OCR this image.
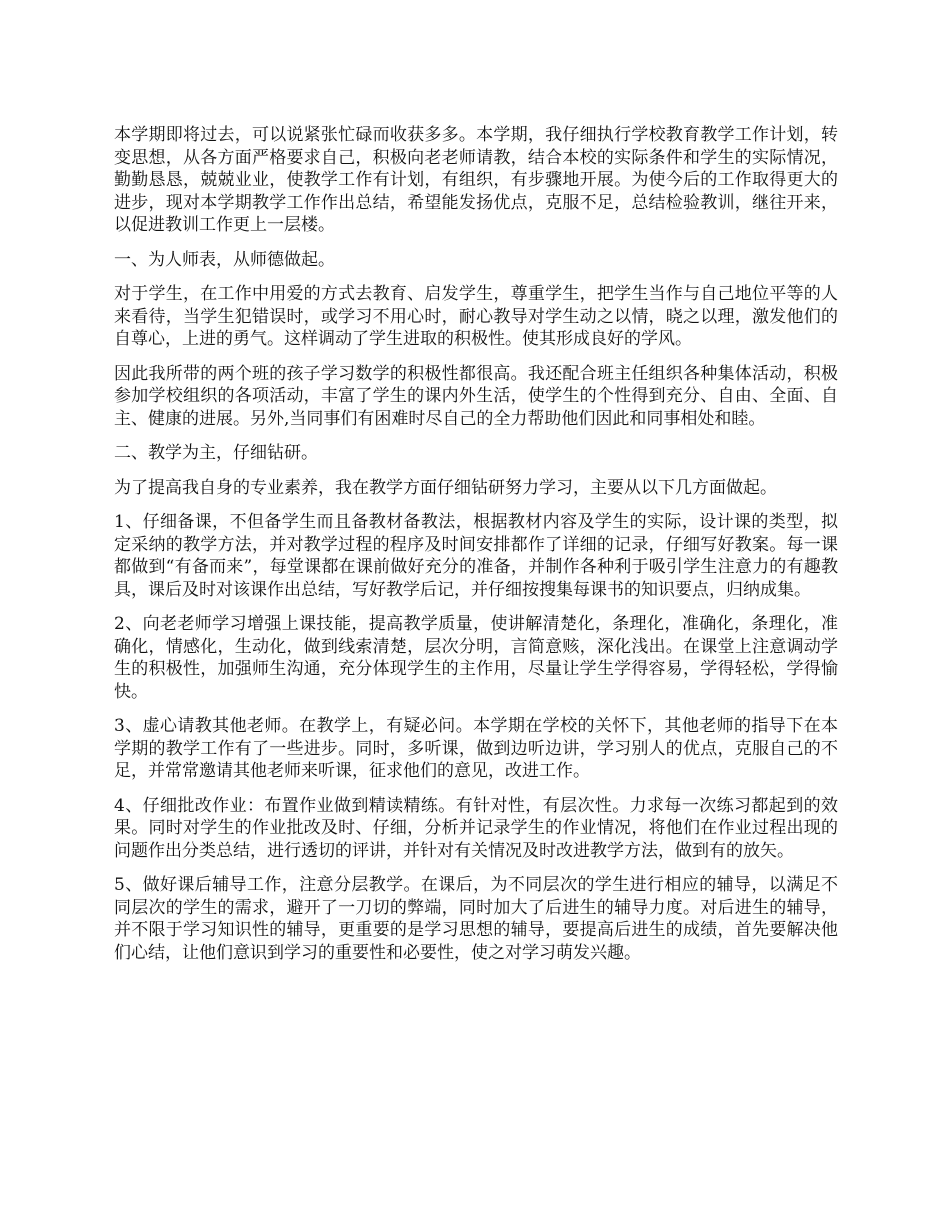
本学期即将过去，可以说紧张忙碌而收获多多。本学期，我仔细执行学校教育教学工作计划，转变思想，从各方面严格要求自己，积极向老老师请教，结合本校的实际条件和学生的实际情况，勤勤恳恳，兢兢业业，使教学工作有计划，有组织，有步骤地开展。为使今后的工作取得更大的进步，现对本学期教学工作作出总结，希望能发扬优点，克服不足，总结检验教训，继往开来，以促进教训工作更上一层楼。

一、为人师表，从师德做起。

对于学生，在工作中用爱的方式去教育、启发学生，尊重学生，把学生当作与自己地位平等的人来看待，当学生犯错误时，或学习不用心时，耐心教导对学生动之以情，晓之以理，激发他们的自尊心，上进的勇气。这样调动了学生进取的积极性。使其形成良好的学风。

因此我所带的两个班的孩子学习数学的积极性都很高。我还配合班主任组织各种集体活动，积极参加学校组织的各项活动，丰富了学生的课内外生活，使学生的个性得到充分、自由、全面、自主、健康的进展。另外,当同事们有困难时尽自己的全力帮助他们因此和同事相处和睦。

二、教学为主，仔细钻研。

为了提高我自身的专业素养，我在教学方面仔细钻研努力学习，主要从以下几方面做起。

1、仔细备课，不但备学生而且备教材备教法，根据教材内容及学生的实际，设计课的类型，拟定采纳的教学方法，并对教学过程的程序及时间安排都作了详细的记录，仔细写好教案。每一课都做到“有备而来”，每堂课都在课前做好充分的准备，并制作各种利于吸引学生注意力的有趣教具，课后及时对该课作出总结，写好教学后记，并仔细按搜集每课书的知识要点，归纳成集。

2、向老老师学习增强上课技能，提高教学质量，使讲解清楚化，条理化，准确化，条理化，准确化，情感化，生动化，做到线索清楚，层次分明，言简意赅，深化浅出。在课堂上注意调动学生的积极性，加强师生沟通，充分体现学生的主作用，尽量让学生学得容易，学得轻松，学得愉快。

3、虚心请教其他老师。在教学上，有疑必问。本学期在学校的关怀下，其他老师的指导下在本学期的教学工作有了一些进步。同时，多听课，做到边听边讲，学习别人的优点，克服自己的不足，并常常邀请其他老师来听课，征求他们的意见，改进工作。

4、仔细批改作业：布置作业做到精读精练。有针对性，有层次性。力求每一次练习都起到的效果。同时对学生的作业批改及时、仔细，分析并记录学生的作业情况，将他们在作业过程出现的问题作出分类总结，进行透切的评讲，并针对有关情况及时改进教学方法，做到有的放矢。

5、做好课后辅导工作，注意分层教学。在课后，为不同层次的学生进行相应的辅导，以满足不同层次的学生的需求，避开了一刀切的弊端，同时加大了后进生的辅导力度。对后进生的辅导，并不限于学习知识性的辅导，更重要的是学习思想的辅导，要提高后进生的成绩，首先要解决他们心结，让他们意识到学习的重要性和必要性，使之对学习萌发兴趣。
